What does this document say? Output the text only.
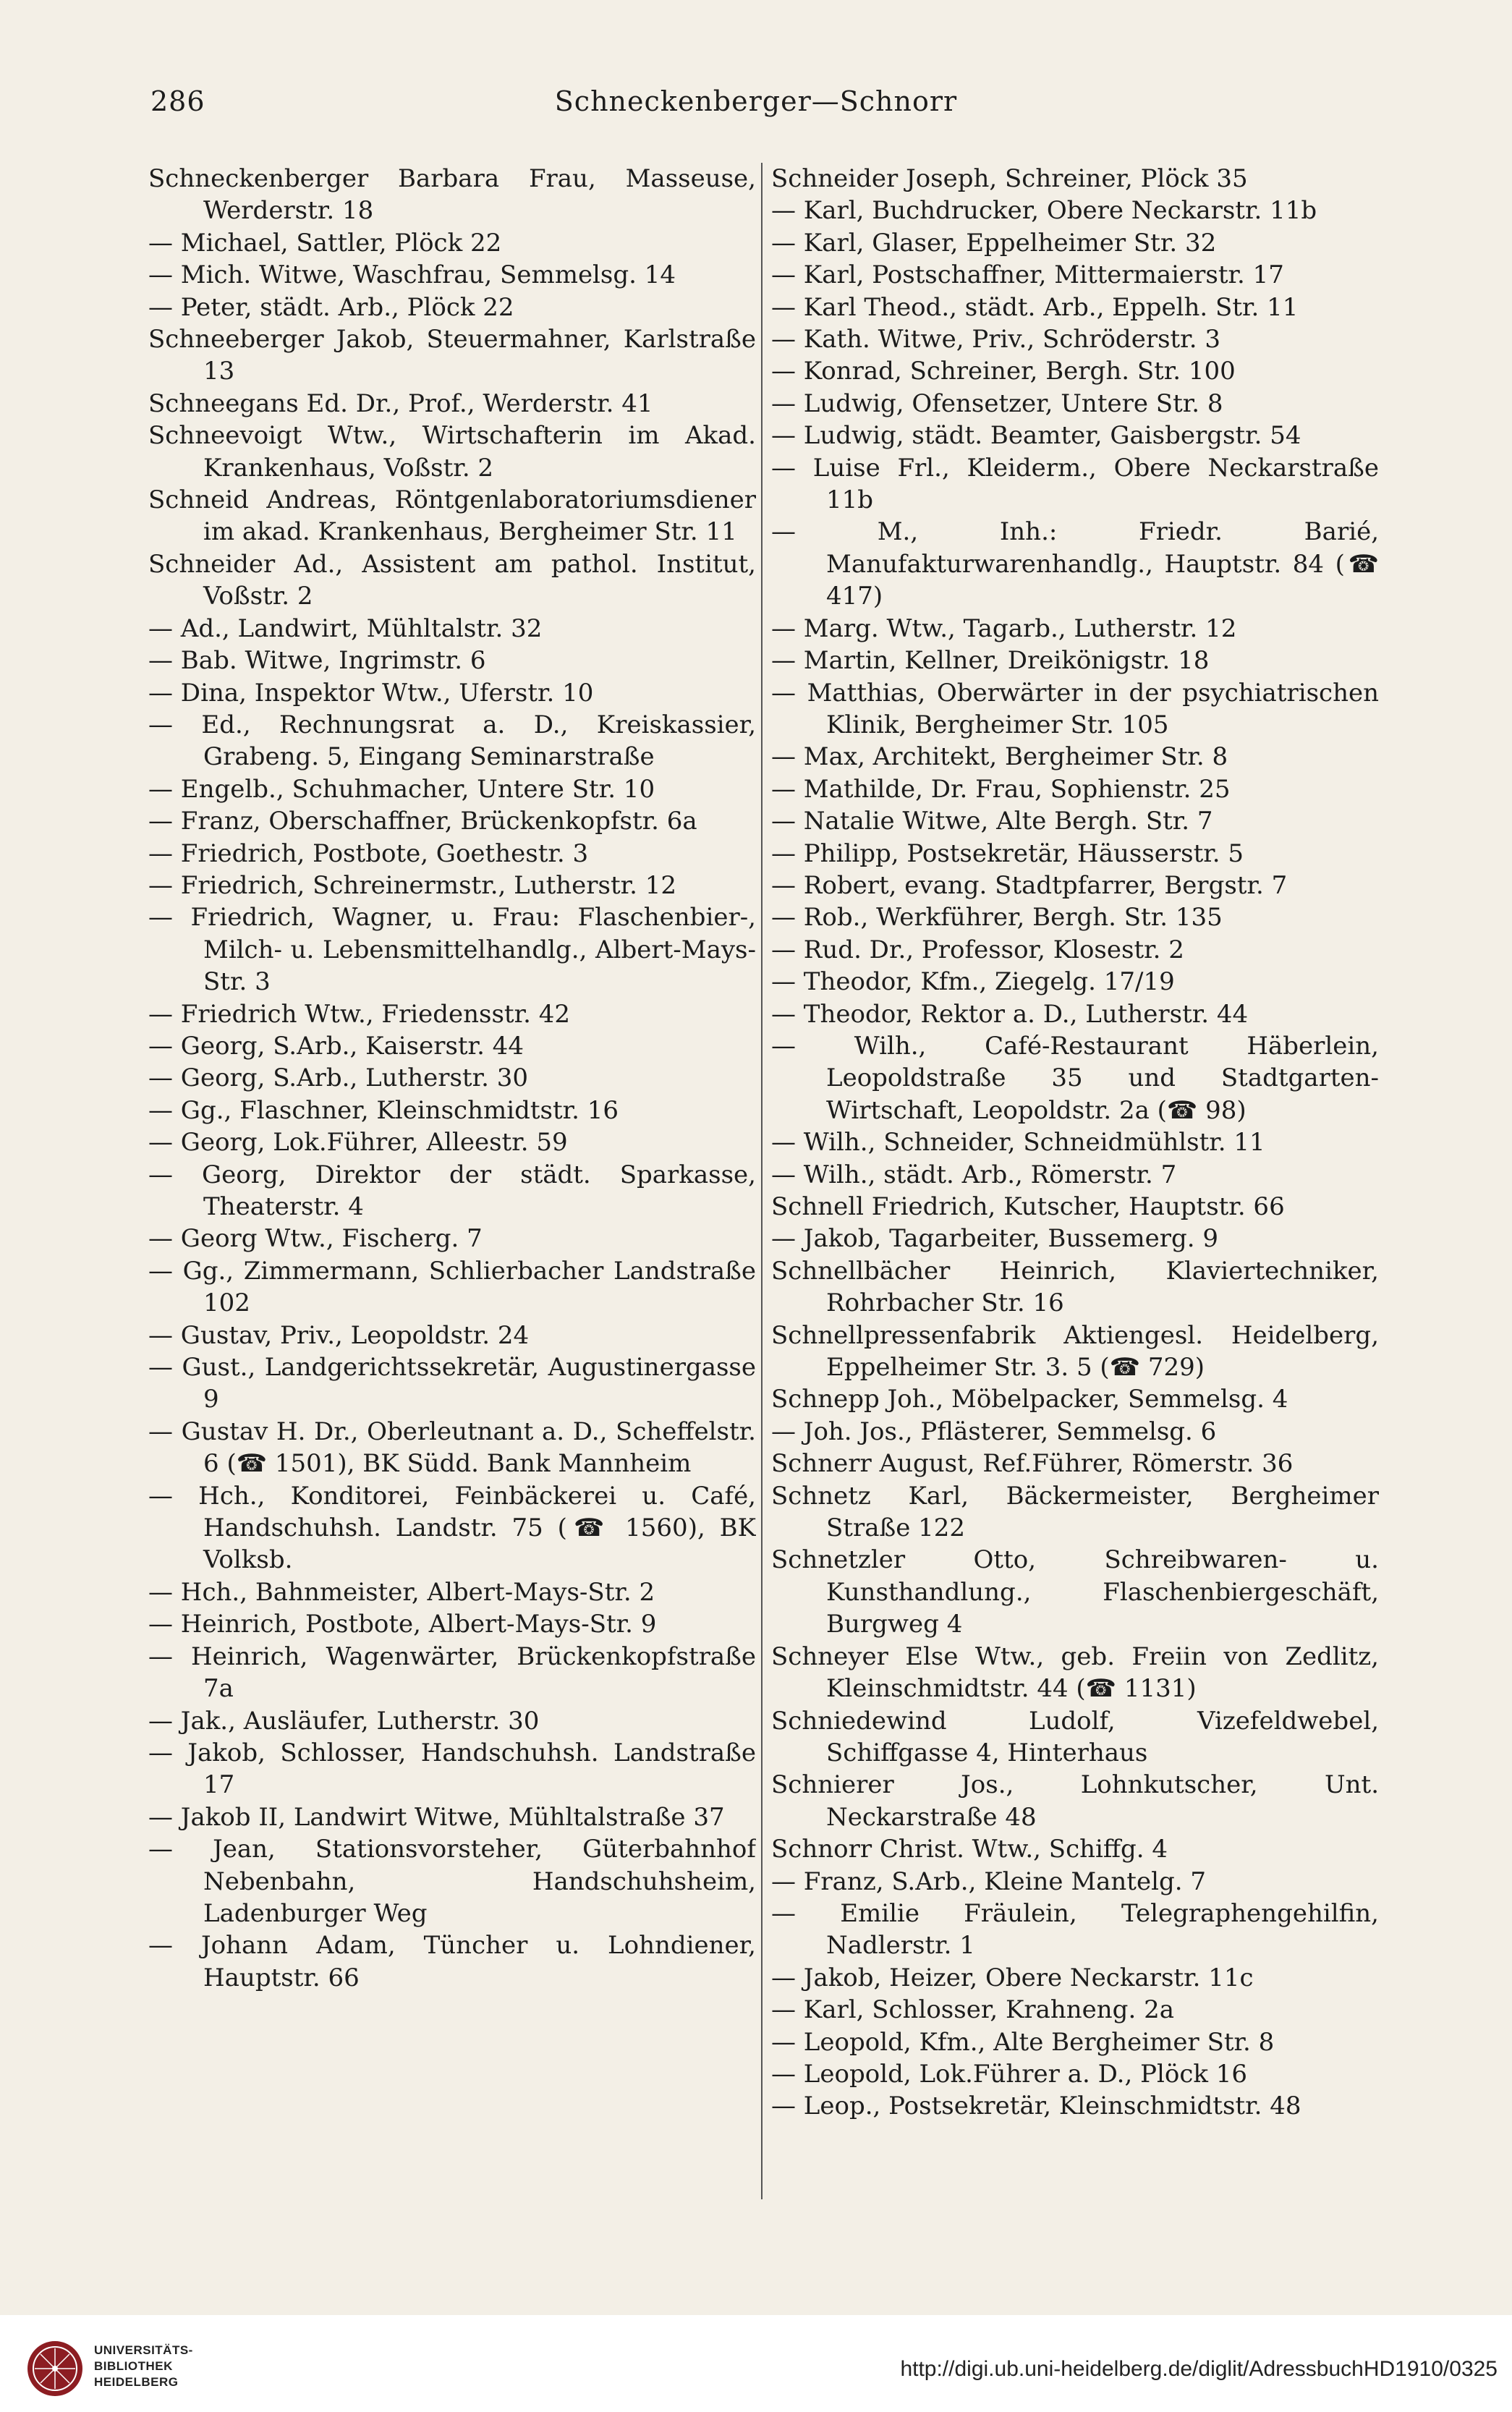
Schneckenberger—Schnorr
286

Schneckenberger Barbara Frau, Masseuse, Werderstr. 18

— Michael, Sattler, Plöck 22

— Mich. Witwe, Waschfrau, Semmelsg. 14

— Peter, städt. Arb., Plöck 22

Schneeberger Jakob, Steuermahner, Karlstraße 13

Schneegans Ed. Dr., Prof., Werderstr. 41

Schneevoigt Wtw., Wirtschafterin im Akad. Krankenhaus, Voßstr. 2

Schneid Andreas, Röntgenlaboratoriumsdiener im akad. Krankenhaus, Bergheimer Str. 11

Schneider Ad., Assistent am pathol. Institut, Voßstr. 2

— Ad., Landwirt, Mühltalstr. 32

— Bab. Witwe, Ingrimstr. 6

— Dina, Inspektor Wtw., Uferstr. 10

— Ed., Rechnungsrat a. D., Kreiskassier, Grabeng. 5, Eingang Seminarstraße

— Engelb., Schuhmacher, Untere Str. 10

— Franz, Oberschaffner, Brückenkopfstr. 6a

— Friedrich, Postbote, Goethestr. 3

— Friedrich, Schreinermstr., Lutherstr. 12

— Friedrich, Wagner, u. Frau: Flaschenbier-, Milch- u. Lebensmittelhandlg., Albert-Mays-Str. 3

— Friedrich Wtw., Friedensstr. 42

— Georg, S.Arb., Kaiserstr. 44

— Georg, S.Arb., Lutherstr. 30

— Gg., Flaschner, Kleinschmidtstr. 16

— Georg, Lok.Führer, Alleestr. 59

— Georg, Direktor der städt. Sparkasse, Theaterstr. 4

— Georg Wtw., Fischerg. 7

— Gg., Zimmermann, Schlierbacher Landstraße 102

— Gustav, Priv., Leopoldstr. 24

— Gust., Landgerichtssekretär, Augustinergasse 9

— Gustav H. Dr., Oberleutnant a. D., Scheffelstr. 6 (☎ 1501), BK Südd. Bank Mannheim

— Hch., Konditorei, Feinbäckerei u. Café, Handschuhsh. Landstr. 75 (☎ 1560), BK Volksb.

— Hch., Bahnmeister, Albert-Mays-Str. 2

— Heinrich, Postbote, Albert-Mays-Str. 9

— Heinrich, Wagenwärter, Brückenkopfstraße 7a

— Jak., Ausläufer, Lutherstr. 30

— Jakob, Schlosser, Handschuhsh. Landstraße 17

— Jakob II, Landwirt Witwe, Mühltalstraße 37

— Jean, Stationsvorsteher, Güterbahnhof Nebenbahn, Handschuhsheim, Ladenburger Weg

— Johann Adam, Tüncher u. Lohndiener, Hauptstr. 66

Schneider Joseph, Schreiner, Plöck 35

— Karl, Buchdrucker, Obere Neckarstr. 11b

— Karl, Glaser, Eppelheimer Str. 32

— Karl, Postschaffner, Mittermaierstr. 17

— Karl Theod., städt. Arb., Eppelh. Str. 11

— Kath. Witwe, Priv., Schröderstr. 3

— Konrad, Schreiner, Bergh. Str. 100

— Ludwig, Ofensetzer, Untere Str. 8

— Ludwig, städt. Beamter, Gaisbergstr. 54

— Luise Frl., Kleiderm., Obere Neckarstraße 11b

— M., Inh.: Friedr. Barié, Manufakturwarenhandlg., Hauptstr. 84 (☎ 417)

— Marg. Wtw., Tagarb., Lutherstr. 12

— Martin, Kellner, Dreikönigstr. 18

— Matthias, Oberwärter in der psychiatrischen Klinik, Bergheimer Str. 105

— Max, Architekt, Bergheimer Str. 8

— Mathilde, Dr. Frau, Sophienstr. 25

— Natalie Witwe, Alte Bergh. Str. 7

— Philipp, Postsekretär, Häusserstr. 5

— Robert, evang. Stadtpfarrer, Bergstr. 7

— Rob., Werkführer, Bergh. Str. 135

— Rud. Dr., Professor, Klosestr. 2

— Theodor, Kfm., Ziegelg. 17/19

— Theodor, Rektor a. D., Lutherstr. 44

— Wilh., Café-Restaurant Häberlein, Leopoldstraße 35 und Stadtgarten-Wirtschaft, Leopoldstr. 2a (☎ 98)

— Wilh., Schneider, Schneidmühlstr. 11

— Wilh., städt. Arb., Römerstr. 7

Schnell Friedrich, Kutscher, Hauptstr. 66

— Jakob, Tagarbeiter, Bussemerg. 9

Schnellbächer Heinrich, Klaviertechniker, Rohrbacher Str. 16

Schnellpressenfabrik Aktiengesl. Heidelberg, Eppelheimer Str. 3. 5 (☎ 729)

Schnepp Joh., Möbelpacker, Semmelsg. 4

— Joh. Jos., Pflästerer, Semmelsg. 6

Schnerr August, Ref.Führer, Römerstr. 36

Schnetz Karl, Bäckermeister, Bergheimer Straße 122

Schnetzler Otto, Schreibwaren- u. Kunsthandlung., Flaschenbiergeschäft, Burgweg 4

Schneyer Else Wtw., geb. Freiin von Zedlitz, Kleinschmidtstr. 44 (☎ 1131)

Schniedewind Ludolf, Vizefeldwebel, Schiffgasse 4, Hinterhaus

Schnierer Jos., Lohnkutscher, Unt. Neckarstraße 48

Schnorr Christ. Wtw., Schiffg. 4

— Franz, S.Arb., Kleine Mantelg. 7

— Emilie Fräulein, Telegraphengehilfin, Nadlerstr. 1

— Jakob, Heizer, Obere Neckarstr. 11c

— Karl, Schlosser, Krahneng. 2a

— Leopold, Kfm., Alte Bergheimer Str. 8

— Leopold, Lok.Führer a. D., Plöck 16

— Leop., Postsekretär, Kleinschmidtstr. 48

UNIVERSITÄTS-
BIBLIOTHEK
HEIDELBERG
http://digi.ub.uni-heidelberg.de/diglit/AdressbuchHD1910/0325
